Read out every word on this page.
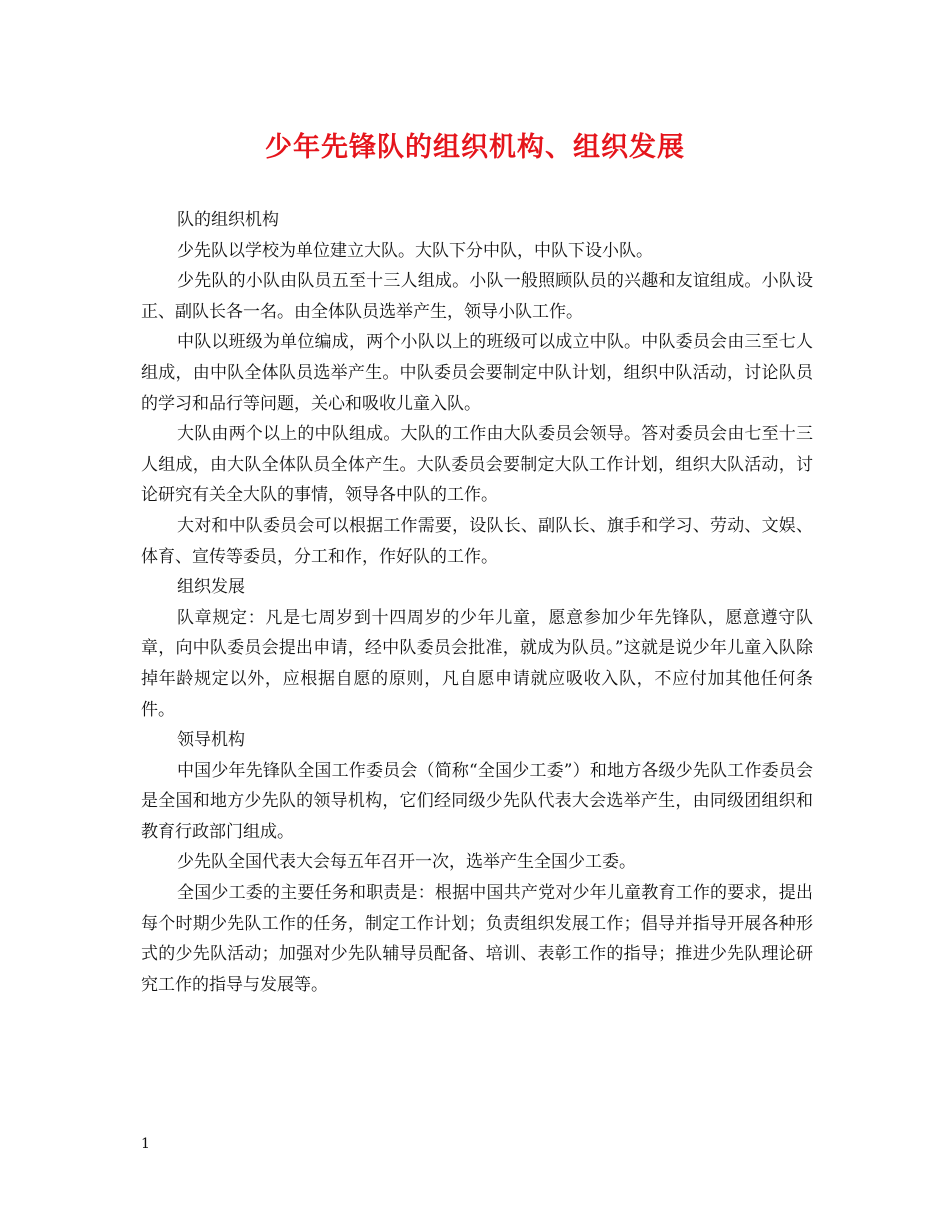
少年先锋队的组织机构、组织发展

队的组织机构

少先队以学校为单位建立大队。大队下分中队，中队下设小队。

少先队的小队由队员五至十三人组成。小队一般照顾队员的兴趣和友谊组成。小队设正、副队长各一名。由全体队员选举产生，领导小队工作。

中队以班级为单位编成，两个小队以上的班级可以成立中队。中队委员会由三至七人组成，由中队全体队员选举产生。中队委员会要制定中队计划，组织中队活动，讨论队员的学习和品行等问题，关心和吸收儿童入队。

大队由两个以上的中队组成。大队的工作由大队委员会领导。答对委员会由七至十三人组成，由大队全体队员全体产生。大队委员会要制定大队工作计划，组织大队活动，讨论研究有关全大队的事情，领导各中队的工作。

大对和中队委员会可以根据工作需要，设队长、副队长、旗手和学习、劳动、文娱、体育、宣传等委员，分工和作，作好队的工作。

组织发展

队章规定：凡是七周岁到十四周岁的少年儿童，愿意参加少年先锋队，愿意遵守队章，向中队委员会提出申请，经中队委员会批准，就成为队员。”这就是说少年儿童入队除掉年龄规定以外，应根据自愿的原则，凡自愿申请就应吸收入队，不应付加其他任何条件。

领导机构

中国少年先锋队全国工作委员会（简称“全国少工委”）和地方各级少先队工作委员会是全国和地方少先队的领导机构，它们经同级少先队代表大会选举产生，由同级团组织和教育行政部门组成。

少先队全国代表大会每五年召开一次，选举产生全国少工委。

全国少工委的主要任务和职责是：根据中国共产党对少年儿童教育工作的要求，提出每个时期少先队工作的任务，制定工作计划；负责组织发展工作；倡导并指导开展各种形式的少先队活动；加强对少先队辅导员配备、培训、表彰工作的指导；推进少先队理论研究工作的指导与发展等。

1
